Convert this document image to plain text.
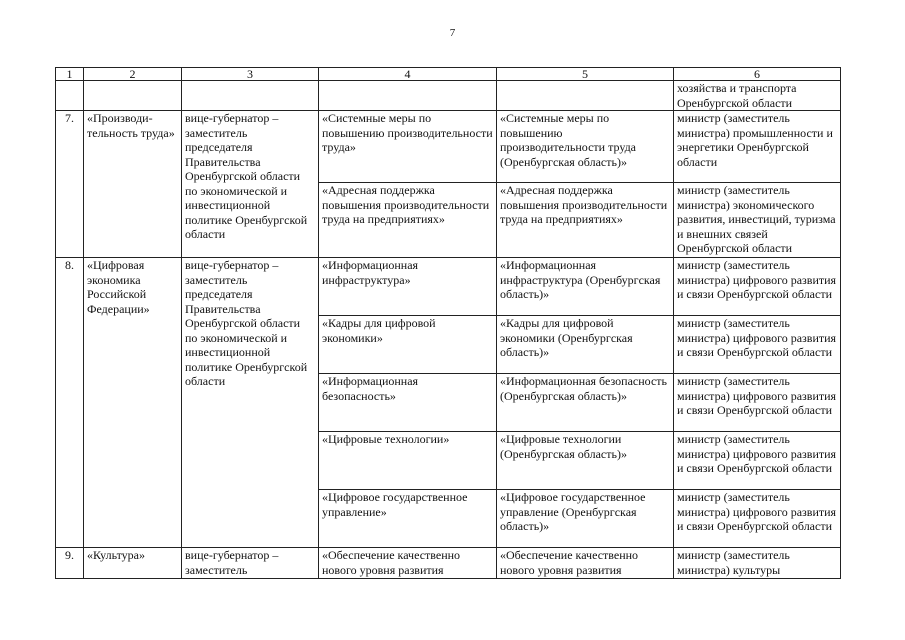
7
1	2	3	4	5	6
					хозяйства и транспорта Оренбургской области
7.	«Производи-тельность труда»	вице-губернатор – заместитель председателя Правительства Оренбургской области по экономической и инвестиционной политике Оренбургской области	«Системные меры по повышению производительности труда»	«Системные меры по повышению производительности труда (Оренбургская область)»	министр (заместитель министра) промышленности и энергетики Оренбургской области
			«Адресная поддержка повышения производительности труда на предприятиях»	«Адресная поддержка повышения производительности труда на предприятиях»	министр (заместитель министра) экономического развития, инвестиций, туризма и внешних связей Оренбургской области
8.	«Цифровая экономика Российской Федерации»	вице-губернатор – заместитель председателя Правительства Оренбургской области по экономической и инвестиционной политике Оренбургской области	«Информационная инфраструктура»	«Информационная инфраструктура (Оренбургская область)»	министр (заместитель министра) цифрового развития и связи Оренбургской области
			«Кадры для цифровой экономики»	«Кадры для цифровой экономики (Оренбургская область)»	министр (заместитель министра) цифрового развития и связи Оренбургской области
			«Информационная безопасность»	«Информационная безопасность (Оренбургская область)»	министр (заместитель министра) цифрового развития и связи Оренбургской области
			«Цифровые технологии»	«Цифровые технологии (Оренбургская область)»	министр (заместитель министра) цифрового развития и связи Оренбургской области
			«Цифровое государственное управление»	«Цифровое государственное управление (Оренбургская область)»	министр (заместитель министра) цифрового развития и связи Оренбургской области
9.	«Культура»	вице-губернатор – заместитель	«Обеспечение качественно нового уровня развития	«Обеспечение качественно нового уровня развития	министр (заместитель министра) культуры
